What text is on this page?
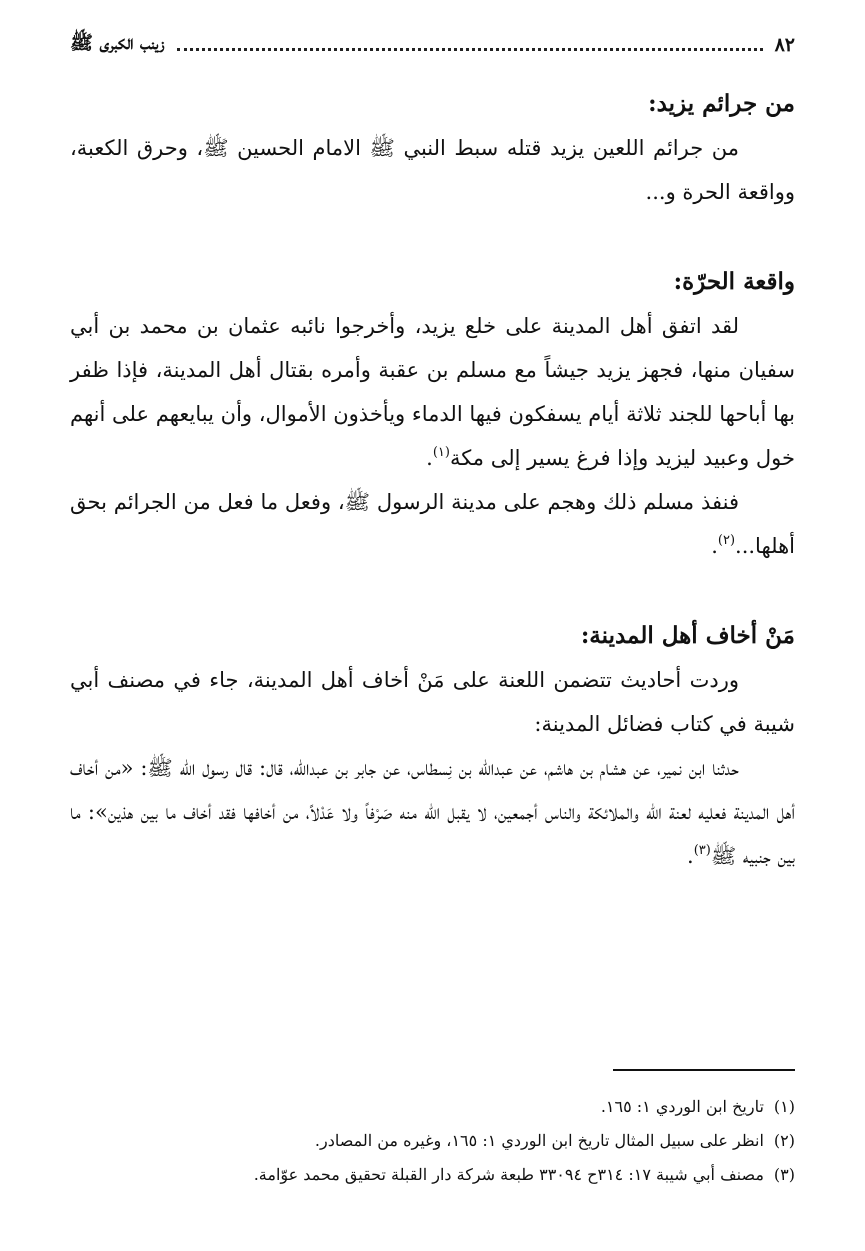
٨٢
زينب الكبرى ﷺ
من جرائم يزيد:

من جرائم اللعين يزيد قتله سبط النبي ﷺ الامام الحسين ﷺ، وحرق الكعبة، وواقعة الحرة و...

واقعة الحرّة:

لقد اتفق أهل المدينة على خلع يزيد، وأخرجوا نائبه عثمان بن محمد بن أبي سفيان منها، فجهز يزيد جيشاً مع مسلم بن عقبة وأمره بقتال أهل المدينة، فإذا ظفر بها أباحها للجند ثلاثة أيام يسفكون فيها الدماء ويأخذون الأموال، وأن يبايعهم على أنهم خول وعبيد ليزيد وإذا فرغ يسير إلى مكة$^{(١)}$.

فنفذ مسلم ذلك وهجم على مدينة الرسول ﷺ، وفعل ما فعل من الجرائم بحق أهلها...$^{(٢)}$.

مَنْ أخاف أهل المدينة:

وردت أحاديث تتضمن اللعنة على مَنْ أخاف أهل المدينة، جاء في مصنف أبي شيبة في كتاب فضائل المدينة:

حدثنا ابن نمير، عن هشام بن هاشم، عن عبدالله بن نِسطاس، عن جابر بن عبدالله، قال: قال رسول الله ﷺ: «من أخاف أهل المدينة فعليه لعنة الله والملائكة والناس أجمعين، لا يقبل الله منه صَرْفاً ولا عَدْلاً، من أخافها فقد أخاف ما بين هذين»: ما بين جنبيه ﷺ$^{(٣)}$.

(١)تاريخ ابن الوردي ١: ١٦٥.

(٢)انظر على سبيل المثال تاريخ ابن الوردي ١: ١٦٥، وغيره من المصادر.

(٣)مصنف أبي شيبة ١٧: ٣١٤ح ٣٣٠٩٤ طبعة شركة دار القبلة تحقيق محمد عوّامة.
